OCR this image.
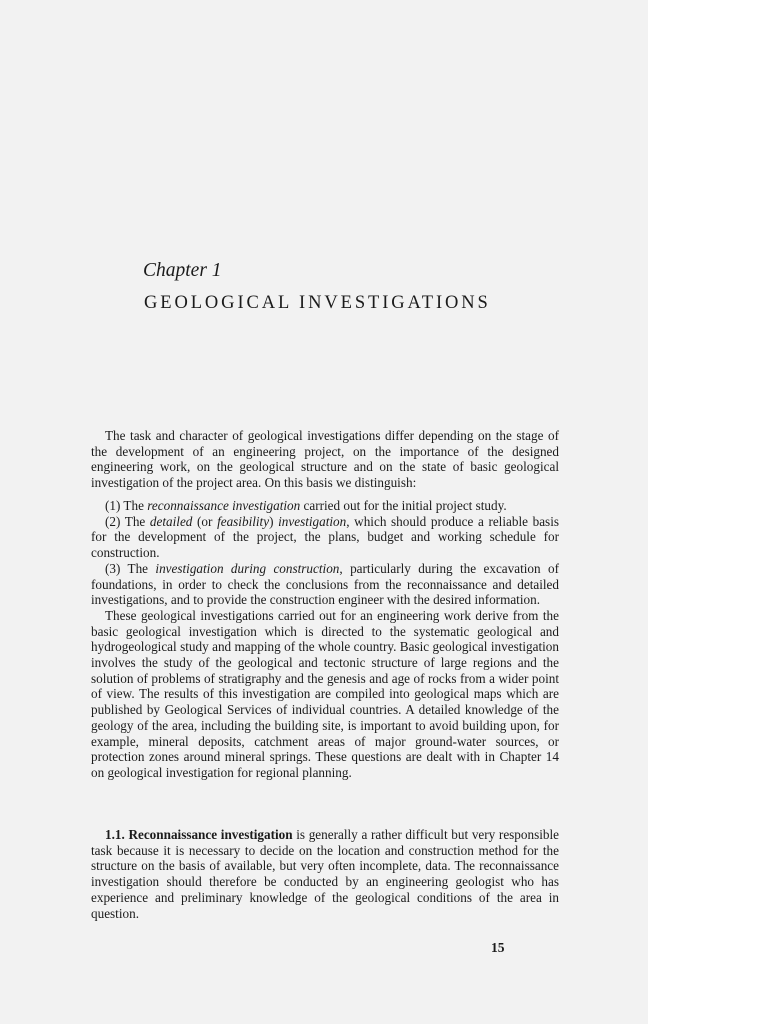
Chapter 1
GEOLOGICAL INVESTIGATIONS

The task and character of geological investigations differ depending on the stage of the development of an engineering project, on the importance of the designed engineering work, on the geological structure and on the state of basic geological investigation of the project area. On this basis we distinguish:

(1) The reconnaissance investigation carried out for the initial project study.

(2) The detailed (or feasibility) investigation, which should produce a reliable basis for the development of the project, the plans, budget and working schedule for construction.

(3) The investigation during construction, particularly during the excavation of foundations, in order to check the conclusions from the reconnaissance and detailed investigations, and to provide the construction engineer with the desired information.

These geological investigations carried out for an engineering work derive from the basic geological investigation which is directed to the systematic geological and hydrogeological study and mapping of the whole country. Basic geological investigation involves the study of the geological and tectonic structure of large regions and the solution of problems of stratigraphy and the genesis and age of rocks from a wider point of view. The results of this investigation are compiled into geological maps which are published by Geological Services of individual countries. A detailed knowledge of the geology of the area, including the building site, is important to avoid building upon, for example, mineral deposits, catchment areas of major ground-water sources, or protection zones around mineral springs. These questions are dealt with in Chapter 14 on geological investigation for regional planning.

1.1. Reconnaissance investigation is generally a rather difficult but very responsible task because it is necessary to decide on the location and construction method for the structure on the basis of available, but very often incomplete, data. The reconnaissance investigation should therefore be conducted by an engineering geologist who has experience and preliminary knowledge of the geological conditions of the area in question.

15
